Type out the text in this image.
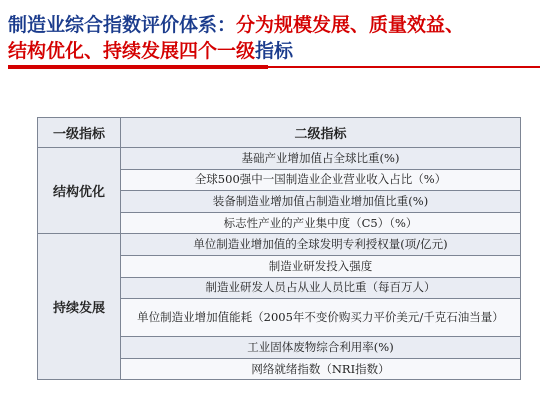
制造业综合指数评价体系：分为规模发展、质量效益、
结构优化、持续发展四个一级指标
一级指标	二级指标
结构优化	基础产业增加值占全球比重(%)
	全球500强中一国制造业企业营业收入占比（%）
	装备制造业增加值占制造业增加值比重(%)
	标志性产业的产业集中度（C5）（%）
持续发展	单位制造业增加值的全球发明专利授权量(项/亿元)
	制造业研发投入强度
	制造业研发人员占从业人员比重（每百万人）
	单位制造业增加值能耗（2005年不变价购买力平价美元/千克石油当量）
	工业固体废物综合利用率(%)
	网络就绪指数（NRI指数）
